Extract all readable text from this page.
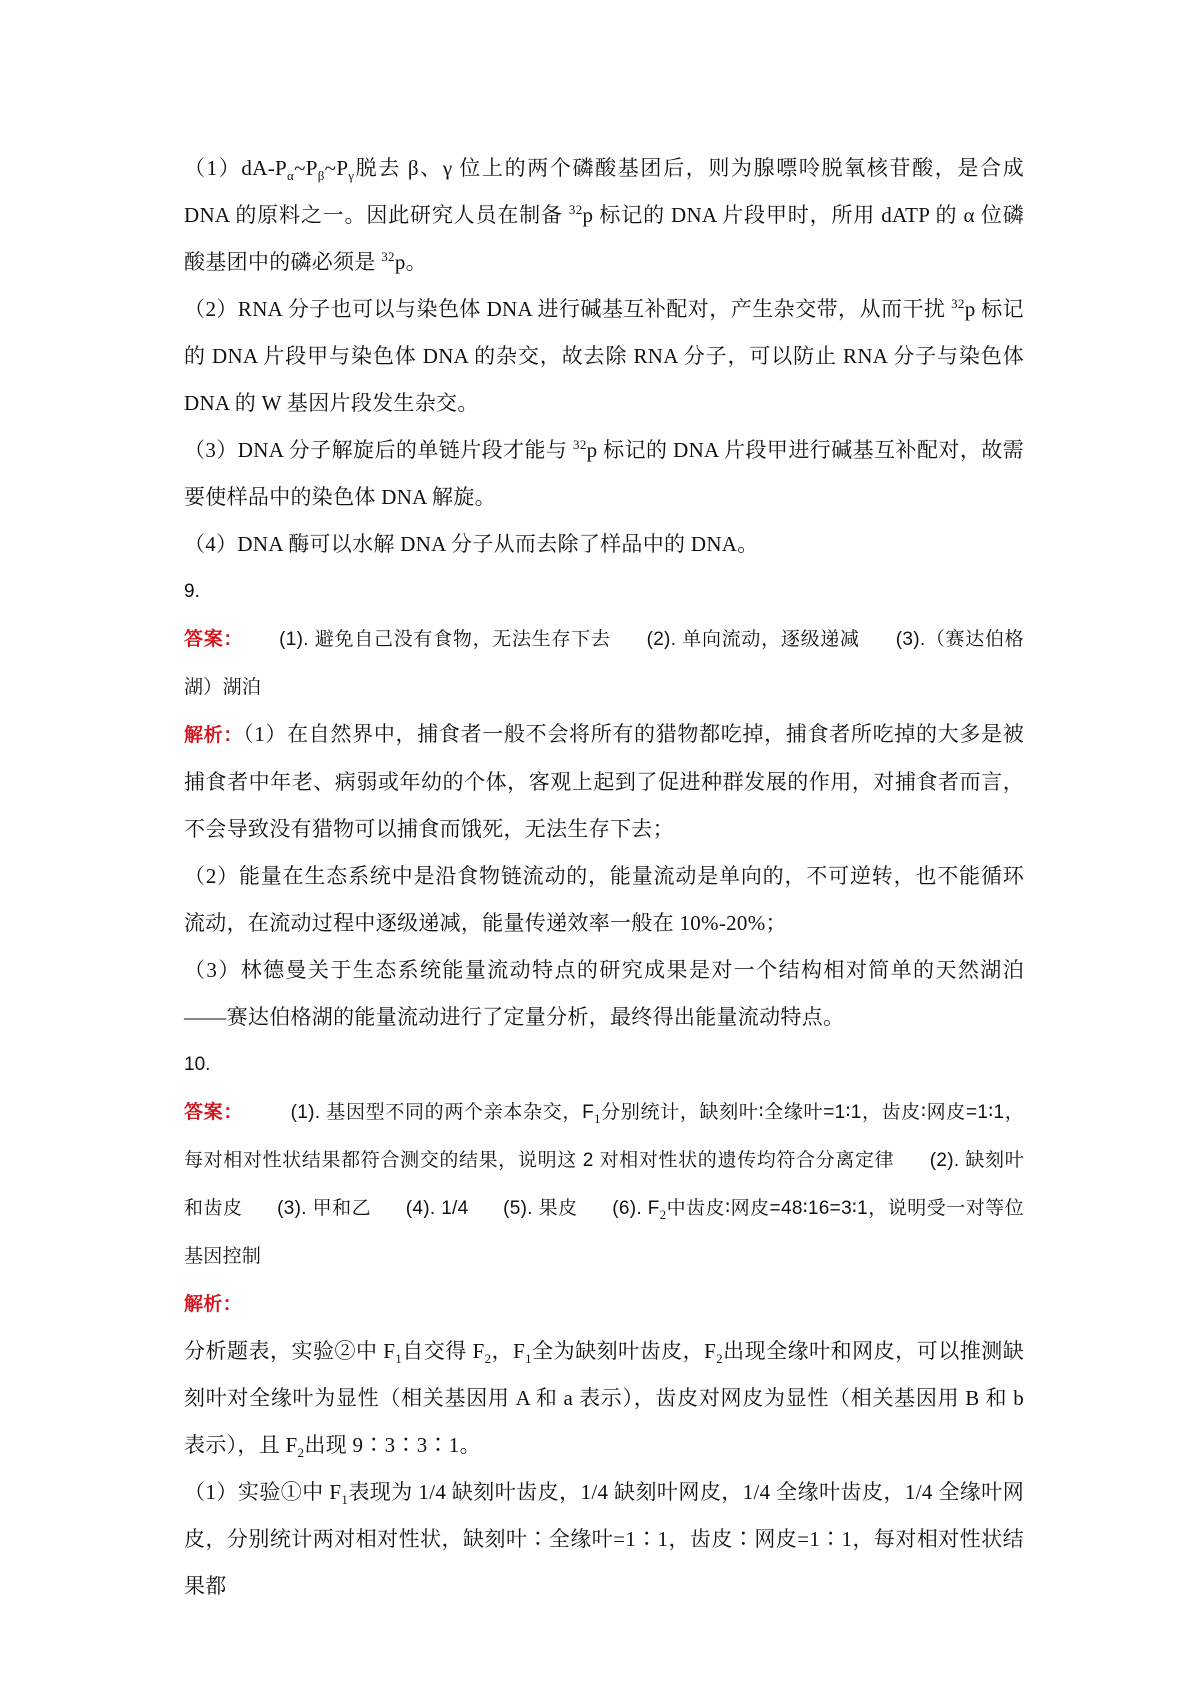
$(1)dA-P_\alpha\sim P_\beta\sim P_\gamma$脱去 β、γ 位上的两个磷酸基团后，则为腺嘌呤脱氧核苷酸，是合成 DNA 的原料之一。因此研究人员在制备 $^{32}$p 标记的 DNA 片段甲时，所用 dATP 的 α 位磷酸基团中的磷必须是 $^{32}$p。

（2）RNA 分子也可以与染色体 DNA 进行碱基互补配对，产生杂交带，从而干扰 $^{32}$p 标记的 DNA 片段甲与染色体 DNA 的杂交，故去除 RNA 分子，可以防止 RNA 分子与染色体 DNA 的 W 基因片段发生杂交。

（3）DNA 分子解旋后的单链片段才能与 $^{32}$p 标记的 DNA 片段甲进行碱基互补配对，故需要使样品中的染色体 DNA 解旋。

（4）DNA 酶可以水解 DNA 分子从而去除了样品中的 DNA。

9.

答案：      (1). 避免自己没有食物，无法生存下去      (2). 单向流动，逐级递减      (3).（赛达伯格湖）湖泊

解析：（1）在自然界中，捕食者一般不会将所有的猎物都吃掉，捕食者所吃掉的大多是被捕食者中年老、病弱或年幼的个体，客观上起到了促进种群发展的作用，对捕食者而言，不会导致没有猎物可以捕食而饿死，无法生存下去；

（2）能量在生态系统中是沿食物链流动的，能量流动是单向的，不可逆转，也不能循环流动，在流动过程中逐级递减，能量传递效率一般在 10%-20%；

（3）林德曼关于生态系统能量流动特点的研究成果是对一个结构相对简单的天然湖泊——赛达伯格湖的能量流动进行了定量分析，最终得出能量流动特点。

10.

答案：        (1). 基因型不同的两个亲本杂交，$F_1$分别统计，缺刻叶∶全缘叶=1∶1，齿皮∶网皮=1∶1，每对相对性状结果都符合测交的结果，说明这 2 对相对性状的遗传均符合分离定律      (2). 缺刻叶和齿皮      (3). 甲和乙      (4). 1/4      (5). 果皮      (6). $F_2$中齿皮∶网皮=48∶16=3∶1，说明受一对等位基因控制

解析：

分析题表，实验②中 $F_1$自交得 $F_2$，$F_1$全为缺刻叶齿皮，$F_2$出现全缘叶和网皮，可以推测缺刻叶对全缘叶为显性（相关基因用 A 和 a 表示），齿皮对网皮为显性（相关基因用 B 和 b 表示），且 $F_2$出现 9∶3∶3∶1。

（1）实验①中 $F_1$表现为 1/4 缺刻叶齿皮，1/4 缺刻叶网皮，1/4 全缘叶齿皮，1/4 全缘叶网皮，分别统计两对相对性状，缺刻叶∶全缘叶=1∶1，齿皮∶网皮=1∶1，每对相对性状结果都
